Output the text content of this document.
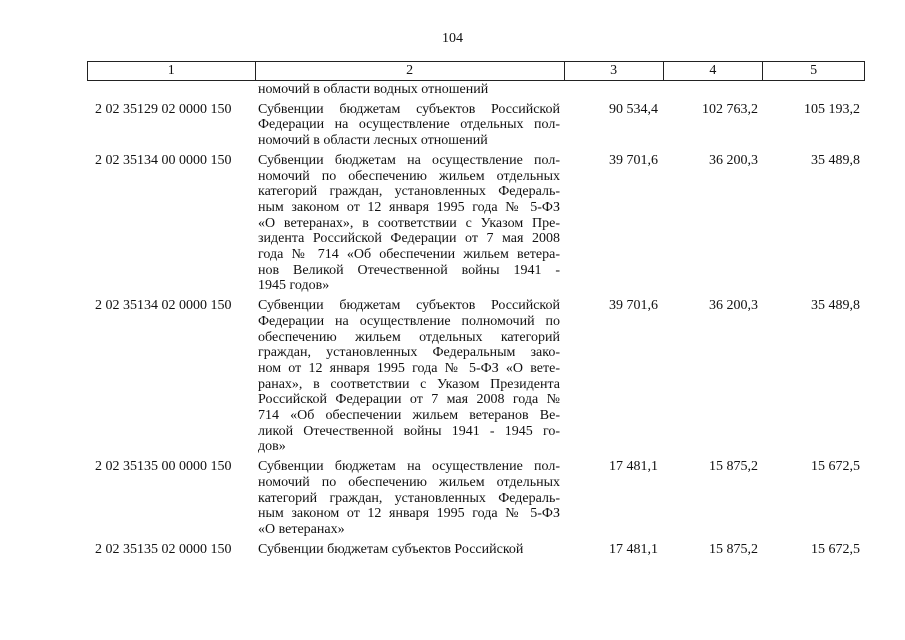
104
1	2	3	4	5
номочий в области водных отношений
2 02 35129 02 0000 150	Субвенции бюджетам субъектов Российской
Федерации на осуществление отдельных пол-
номочий в области лесных отношений
90 534,4	102 763,2	105 193,2
2 02 35134 00 0000 150	Субвенции бюджетам на осуществление пол-
номочий по обеспечению жильем отдельных
категорий граждан, установленных Федераль-
ным законом от 12 января 1995 года № 5-ФЗ
«О ветеранах», в соответствии с Указом Пре-
зидента Российской Федерации от 7 мая 2008
года № 714 «Об обеспечении жильем ветера-
нов Великой Отечественной войны 1941 -
1945 годов»
39 701,6	36 200,3	35 489,8
2 02 35134 02 0000 150	Субвенции бюджетам субъектов Российской
Федерации на осуществление полномочий по
обеспечению жильем отдельных категорий
граждан, установленных Федеральным зако-
ном от 12 января 1995 года № 5-ФЗ «О вете-
ранах», в соответствии с Указом Президента
Российской Федерации от 7 мая 2008 года №
714 «Об обеспечении жильем ветеранов Ве-
ликой Отечественной войны 1941 - 1945 го-
дов»
39 701,6	36 200,3	35 489,8
2 02 35135 00 0000 150	Субвенции бюджетам на осуществление пол-
номочий по обеспечению жильем отдельных
категорий граждан, установленных Федераль-
ным законом от 12 января 1995 года № 5-ФЗ
«О ветеранах»
17 481,1	15 875,2	15 672,5
2 02 35135 02 0000 150	Субвенции бюджетам субъектов Российской	17 481,1	15 875,2	15 672,5
